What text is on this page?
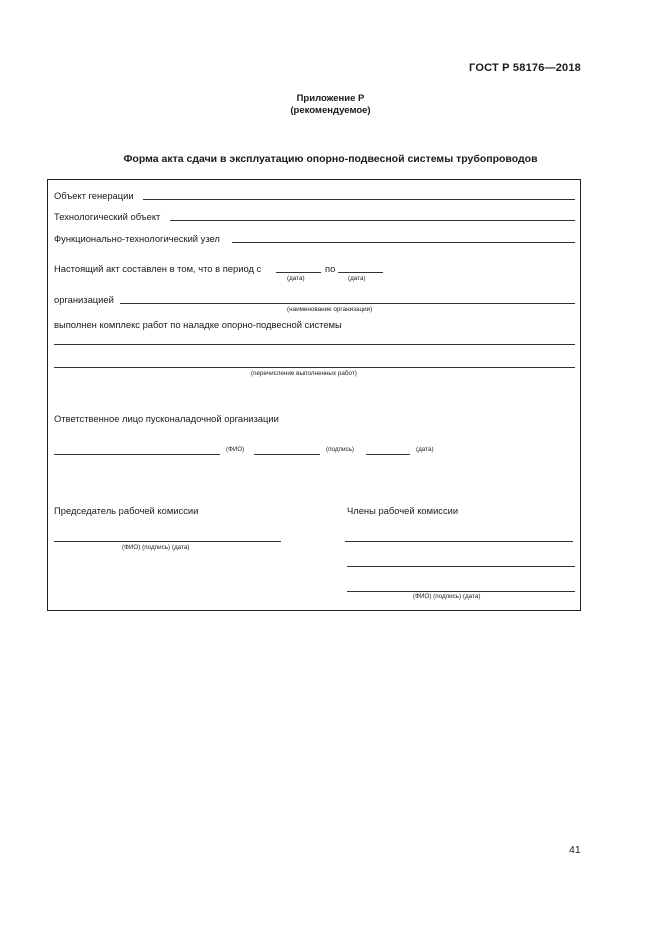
ГОСТ Р 58176—2018
Приложение Р
(рекомендуемое)
Форма акта сдачи в эксплуатацию опорно-подвесной системы трубопроводов
Объект генерации
Технологический объект
Функционально-технологический узел
Настоящий акт составлен в том, что в период с	по
(дата)	(дата)
организацией
(наименование организации)
выполнен комплекс работ по наладке опорно-подвесной системы
(перечисление выполненных работ)
Ответственное лицо пусконаладочной организации
(ФИО)	(подпись)	(дата)
Председатель рабочей комиссии
(ФИО) (подпись) (дата)
Члены рабочей комиссии
(ФИО) (подпись) (дата)
41
